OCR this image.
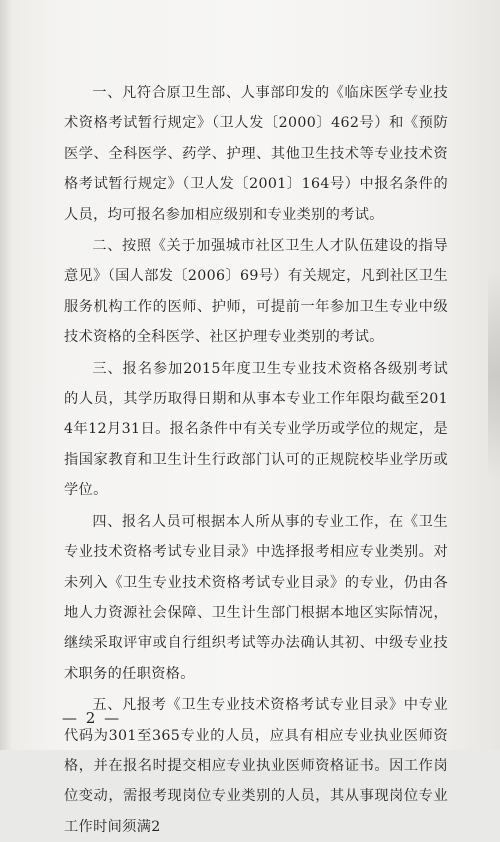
一、凡符合原卫生部、人事部印发的《临床医学专业技术资格考试暂行规定》（卫人发〔2000〕462号）和《预防医学、全科医学、药学、护理、其他卫生技术等专业技术资格考试暂行规定》（卫人发〔2001〕164号）中报名条件的人员，均可报名参加相应级别和专业类别的考试。

二、按照《关于加强城市社区卫生人才队伍建设的指导意见》（国人部发〔2006〕69号）有关规定，凡到社区卫生服务机构工作的医师、护师，可提前一年参加卫生专业中级技术资格的全科医学、社区护理专业类别的考试。

三、报名参加2015年度卫生专业技术资格各级别考试的人员，其学历取得日期和从事本专业工作年限均截至2014年12月31日。报名条件中有关专业学历或学位的规定，是指国家教育和卫生计生行政部门认可的正规院校毕业学历或学位。

四、报名人员可根据本人所从事的专业工作，在《卫生专业技术资格考试专业目录》中选择报考相应专业类别。对未列入《卫生专业技术资格考试专业目录》的专业，仍由各地人力资源社会保障、卫生计生部门根据本地区实际情况，继续采取评审或自行组织考试等办法确认其初、中级专业技术职务的任职资格。

五、凡报考《卫生专业技术资格考试专业目录》中专业代码为301至365专业的人员，应具有相应专业执业医师资格，并在报名时提交相应专业执业医师资格证书。因工作岗位变动，需报考现岗位专业类别的人员，其从事现岗位专业工作时间须满2

— 2 —
